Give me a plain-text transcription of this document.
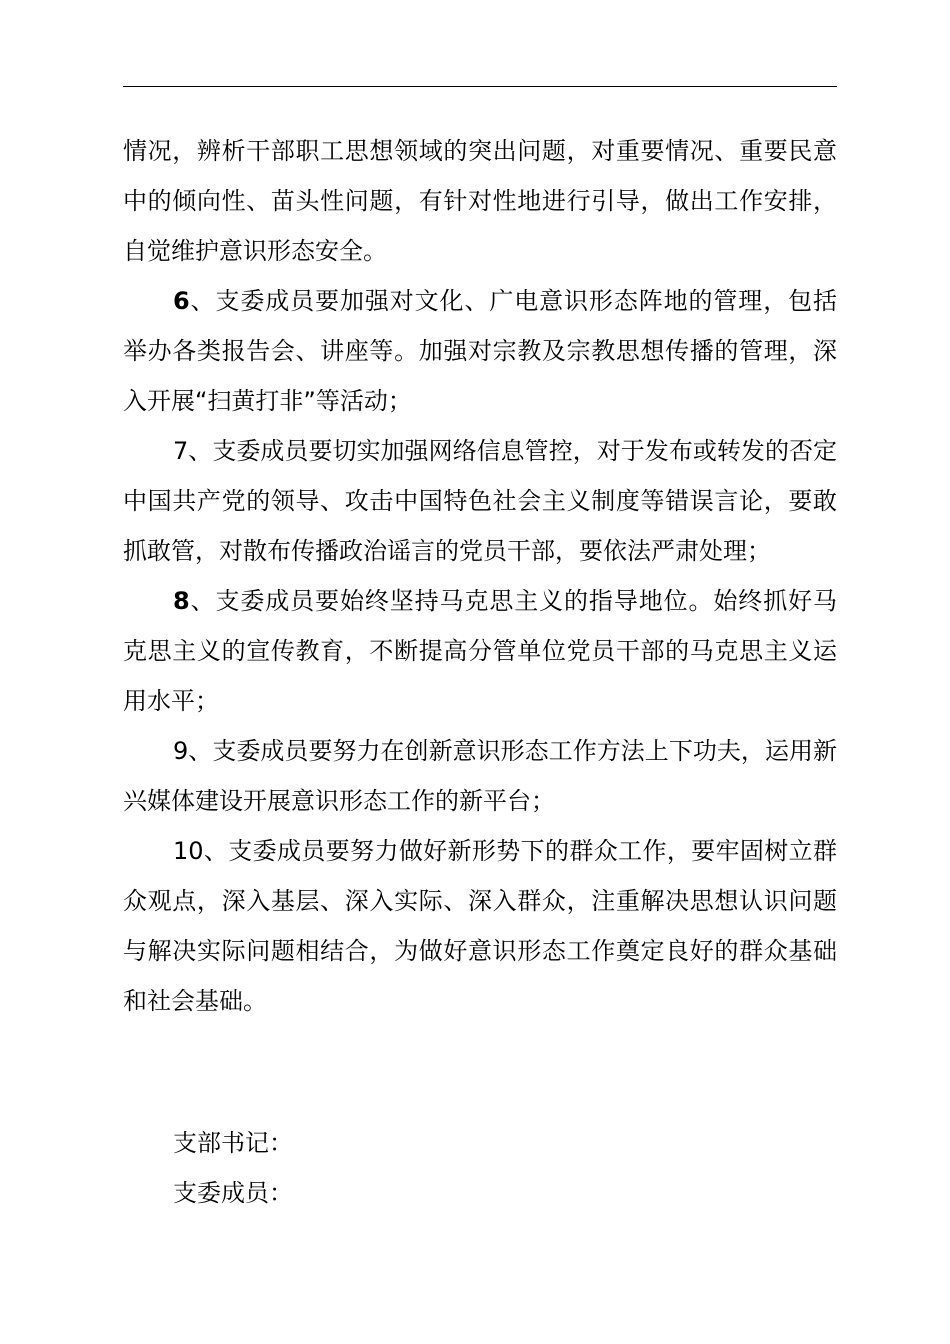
情况，辨析干部职工思想领域的突出问题，对重要情况、重要民意中的倾向性、苗头性问题，有针对性地进行引导，做出工作安排，自觉维护意识形态安全。

6、支委成员要加强对文化、广电意识形态阵地的管理，包括举办各类报告会、讲座等。加强对宗教及宗教思想传播的管理，深入开展“扫黄打非”等活动；

7、支委成员要切实加强网络信息管控，对于发布或转发的否定中国共产党的领导、攻击中国特色社会主义制度等错误言论，要敢抓敢管，对散布传播政治谣言的党员干部，要依法严肃处理；

8、支委成员要始终坚持马克思主义的指导地位。始终抓好马克思主义的宣传教育，不断提高分管单位党员干部的马克思主义运用水平；

9、支委成员要努力在创新意识形态工作方法上下功夫，运用新兴媒体建设开展意识形态工作的新平台；

10、支委成员要努力做好新形势下的群众工作，要牢固树立群众观点，深入基层、深入实际、深入群众，注重解决思想认识问题与解决实际问题相结合，为做好意识形态工作奠定良好的群众基础和社会基础。

支部书记：

支委成员：
